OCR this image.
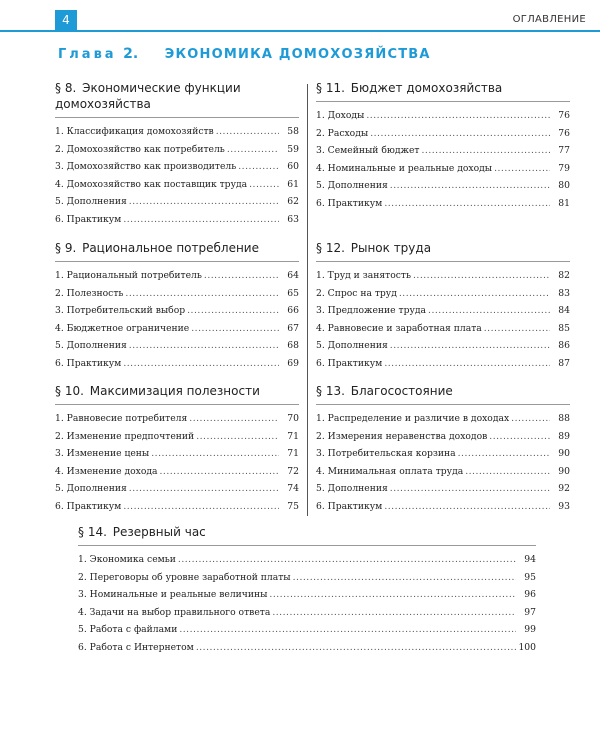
4	ОГЛАВЛЕНИЕ
Глава 2. ЭКОНОМИКА ДОМОХОЗЯЙСТВА
§ 8. Экономические функции
домохозяйства
1. Классификация домохозяйств .....	58
2. Домохозяйство как потребитель .....	59
3. Домохозяйство как производитель .....	60
4. Домохозяйство как поставщик труда .....	61
5. Дополнения .....	62
6. Практикум .....	63
§ 9. Рациональное потребление
1. Рациональный потребитель .....	64
2. Полезность .....	65
3. Потребительский выбор .....	66
4. Бюджетное ограничение .....	67
5. Дополнения .....	68
6. Практикум .....	69
§ 10. Максимизация полезности
1. Равновесие потребителя .....	70
2. Изменение предпочтений .....	71
3. Изменение цены .....	71
4. Изменение дохода .....	72
5. Дополнения .....	74
6. Практикум .....	75
§ 11. Бюджет домохозяйства
1. Доходы .....	76
2. Расходы .....	76
3. Семейный бюджет .....	77
4. Номинальные и реальные доходы .....	79
5. Дополнения .....	80
6. Практикум .....	81
§ 12. Рынок труда
1. Труд и занятость .....	82
2. Спрос на труд .....	83
3. Предложение труда .....	84
4. Равновесие и заработная плата .....	85
5. Дополнения .....	86
6. Практикум .....	87
§ 13. Благосостояние
1. Распределение и различие в доходах .....	88
2. Измерения неравенства доходов .....	89
3. Потребительская корзина .....	90
4. Минимальная оплата труда .....	90
5. Дополнения .....	92
6. Практикум .....	93
§ 14. Резервный час
1. Экономика семьи .....	94
2. Переговоры об уровне заработной платы .....	95
3. Номинальные и реальные величины .....	96
4. Задачи на выбор правильного ответа .....	97
5. Работа с файлами .....	99
6. Работа с Интернетом .....	100
